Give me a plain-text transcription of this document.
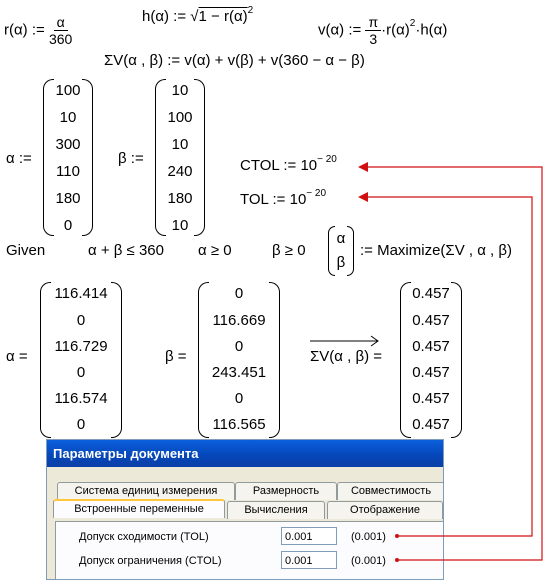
r(α) := $\frac{\alpha}{360}$	h(α) := $√1 - r(\alpha)^2$
v(α) := $\frac{\pi}{3} \cdot r(\alpha)^2\cdot h(\alpha)$
ΣV(α , β) := v(α) + v(β) + v(360 − α − β)
α :=
100
10
300
110
180
0
β :=
10
100
10
240
180
10
CTOL := $10^{- 20}$
TOL := $10^{- 20}$
Given	α + β ≤ 360 α ≥ 0	β ≥ 0
α
β
:= Maximize(ΣV , α , β)
α =
116.414
0
116.729
0
116.574
0
β =
0
116.669
0
243.451
0
116.565
ΣV(α , β) =
0.457
0.457
0.457
0.457
0.457
0.457
Параметры документа
Система единиц измерения	Размерность	Совместимость
Встроенные переменные	Вычисления	Отображение
Допуск сходимости (TOL)	0.001	(0.001)
Допуск ограничения (CTOL)	0.001	(0.001)
